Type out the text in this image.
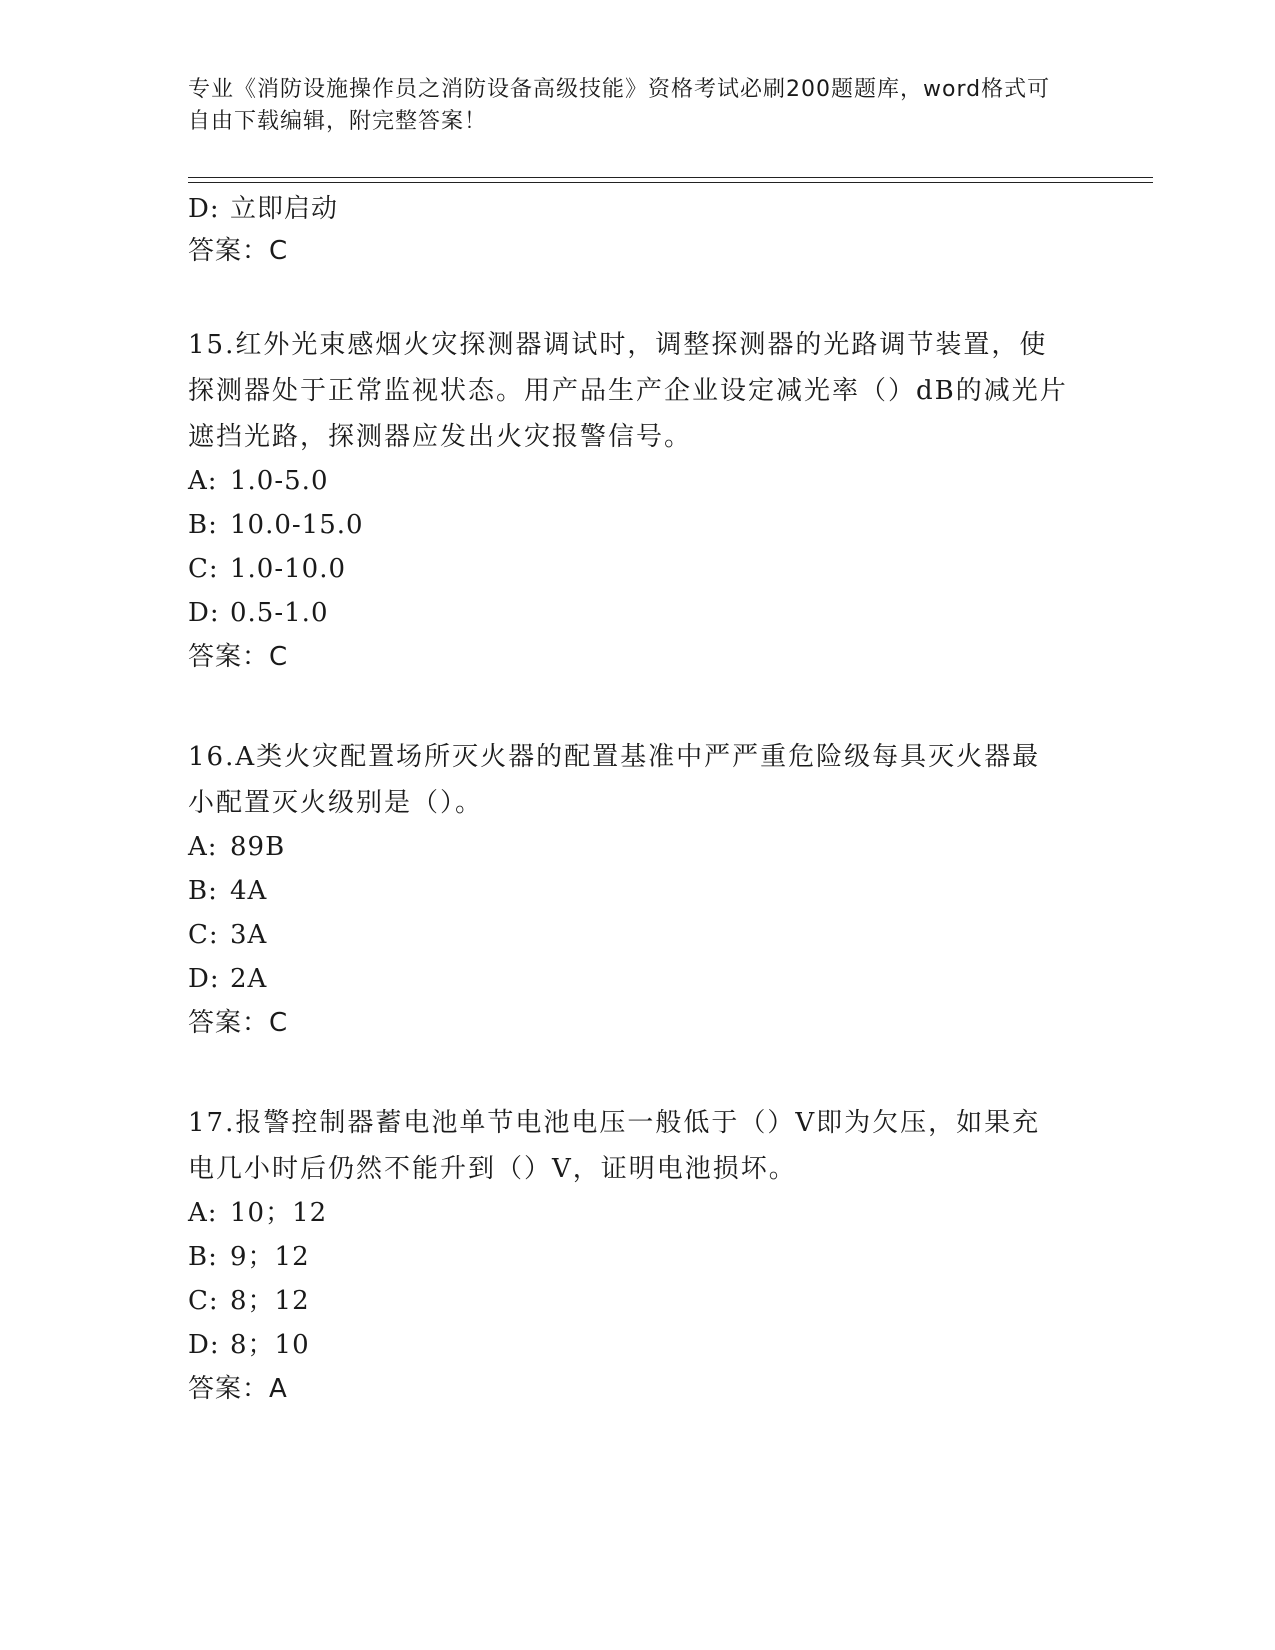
专业《消防设施操作员之消防设备高级技能》资格考试必刷200题题库，word格式可自由下载编辑，附完整答案！
D: 立即启动
答案：C
15.红外光束感烟火灾探测器调试时，调整探测器的光路调节装置，使探测器处于正常监视状态。用产品生产企业设定减光率（）dB的减光片遮挡光路，探测器应发出火灾报警信号。
A: 1.0-5.0
B: 10.0-15.0
C: 1.0-10.0
D: 0.5-1.0
答案：C
16.A类火灾配置场所灭火器的配置基准中严严重危险级每具灭火器最小配置灭火级别是（）。
A: 89B
B: 4A
C: 3A
D: 2A
答案：C
17.报警控制器蓄电池单节电池电压一般低于（）V即为欠压，如果充电几小时后仍然不能升到（）V，证明电池损坏。
A: 10；12
B: 9；12
C: 8；12
D: 8；10
答案：A
